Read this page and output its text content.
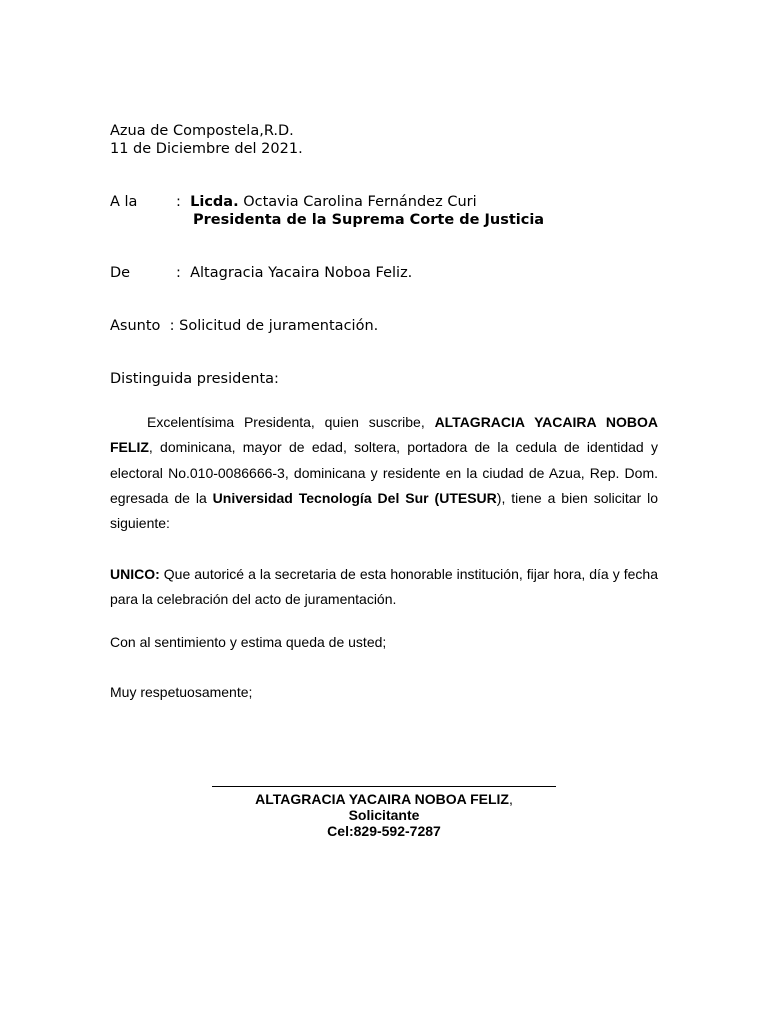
Azua de Compostela,R.D.
11 de Diciembre del 2021.
A la	: Licda. Octavia Carolina Fernández Curi
Presidenta de la Suprema Corte de Justicia
De	: Altagracia Yacaira Noboa Feliz.
Asunto : Solicitud de juramentación.
Distinguida presidenta:
Excelentísima Presidenta, quien suscribe, ALTAGRACIA YACAIRA NOBOA FELIZ, dominicana, mayor de edad, soltera, portadora de la cedula de identidad y electoral No.010-0086666-3, dominicana y residente en la ciudad de Azua, Rep. Dom. egresada de la Universidad Tecnología Del Sur (UTESUR), tiene a bien solicitar lo siguiente:
UNICO: Que autoricé a la secretaria de esta honorable institución, fijar hora, día y fecha para la celebración del acto de juramentación.
Con al sentimiento y estima queda de usted;
Muy respetuosamente;
ALTAGRACIA YACAIRA NOBOA FELIZ,
Solicitante
Cel:829-592-7287
